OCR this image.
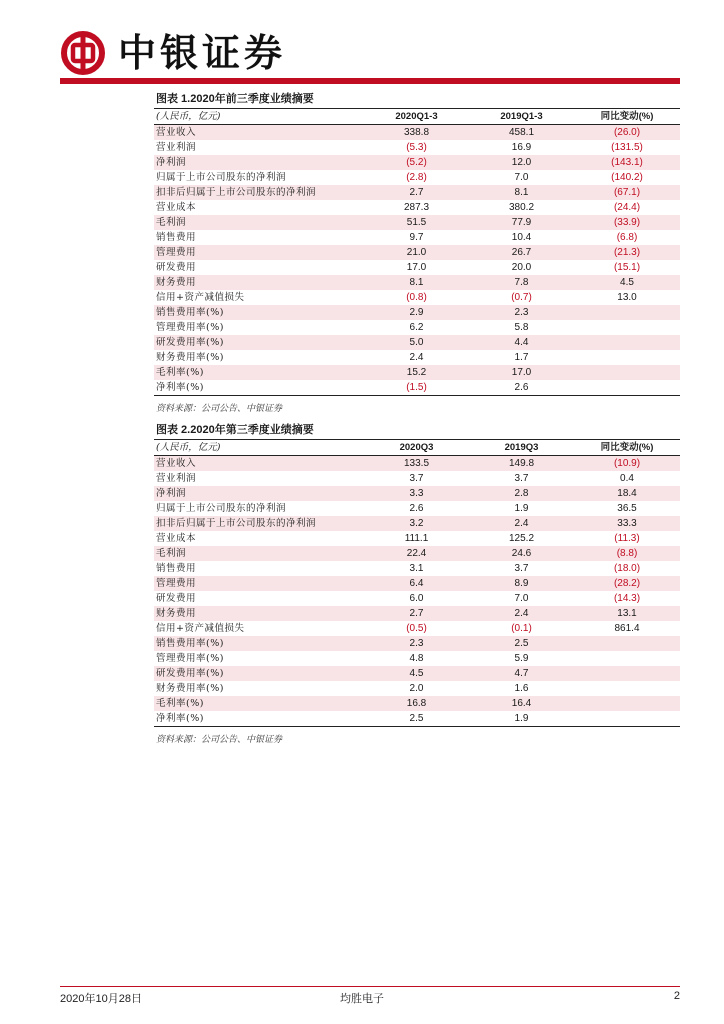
中银证券
图表 1.2020年前三季度业绩摘要
(人民币，亿元)	2020Q1-3	2019Q1-3	同比变动(%)
营业收入	338.8	458.1	(26.0)
营业利润	(5.3)	16.9	(131.5)
净利润	(5.2)	12.0	(143.1)
归属于上市公司股东的净利润	(2.8)	7.0	(140.2)
扣非后归属于上市公司股东的净利润	2.7	8.1	(67.1)
营业成本	287.3	380.2	(24.4)
毛利润	51.5	77.9	(33.9)
销售费用	9.7	10.4	(6.8)
管理费用	21.0	26.7	(21.3)
研发费用	17.0	20.0	(15.1)
财务费用	8.1	7.8	4.5
信用+资产减值损失	(0.8)	(0.7)	13.0
销售费用率(%)	2.9	2.3	
管理费用率(%)	6.2	5.8	
研发费用率(%)	5.0	4.4	
财务费用率(%)	2.4	1.7	
毛利率(%)	15.2	17.0	
净利率(%)	(1.5)	2.6	
资料来源：公司公告、中银证券
图表 2.2020年第三季度业绩摘要
(人民币，亿元)	2020Q3	2019Q3	同比变动(%)
营业收入	133.5	149.8	(10.9)
营业利润	3.7	3.7	0.4
净利润	3.3	2.8	18.4
归属于上市公司股东的净利润	2.6	1.9	36.5
扣非后归属于上市公司股东的净利润	3.2	2.4	33.3
营业成本	111.1	125.2	(11.3)
毛利润	22.4	24.6	(8.8)
销售费用	3.1	3.7	(18.0)
管理费用	6.4	8.9	(28.2)
研发费用	6.0	7.0	(14.3)
财务费用	2.7	2.4	13.1
信用+资产减值损失	(0.5)	(0.1)	861.4
销售费用率(%)	2.3	2.5	
管理费用率(%)	4.8	5.9	
研发费用率(%)	4.5	4.7	
财务费用率(%)	2.0	1.6	
毛利率(%)	16.8	16.4	
净利率(%)	2.5	1.9	
资料来源：公司公告、中银证券
2020年10月28日	均胜电子	2
